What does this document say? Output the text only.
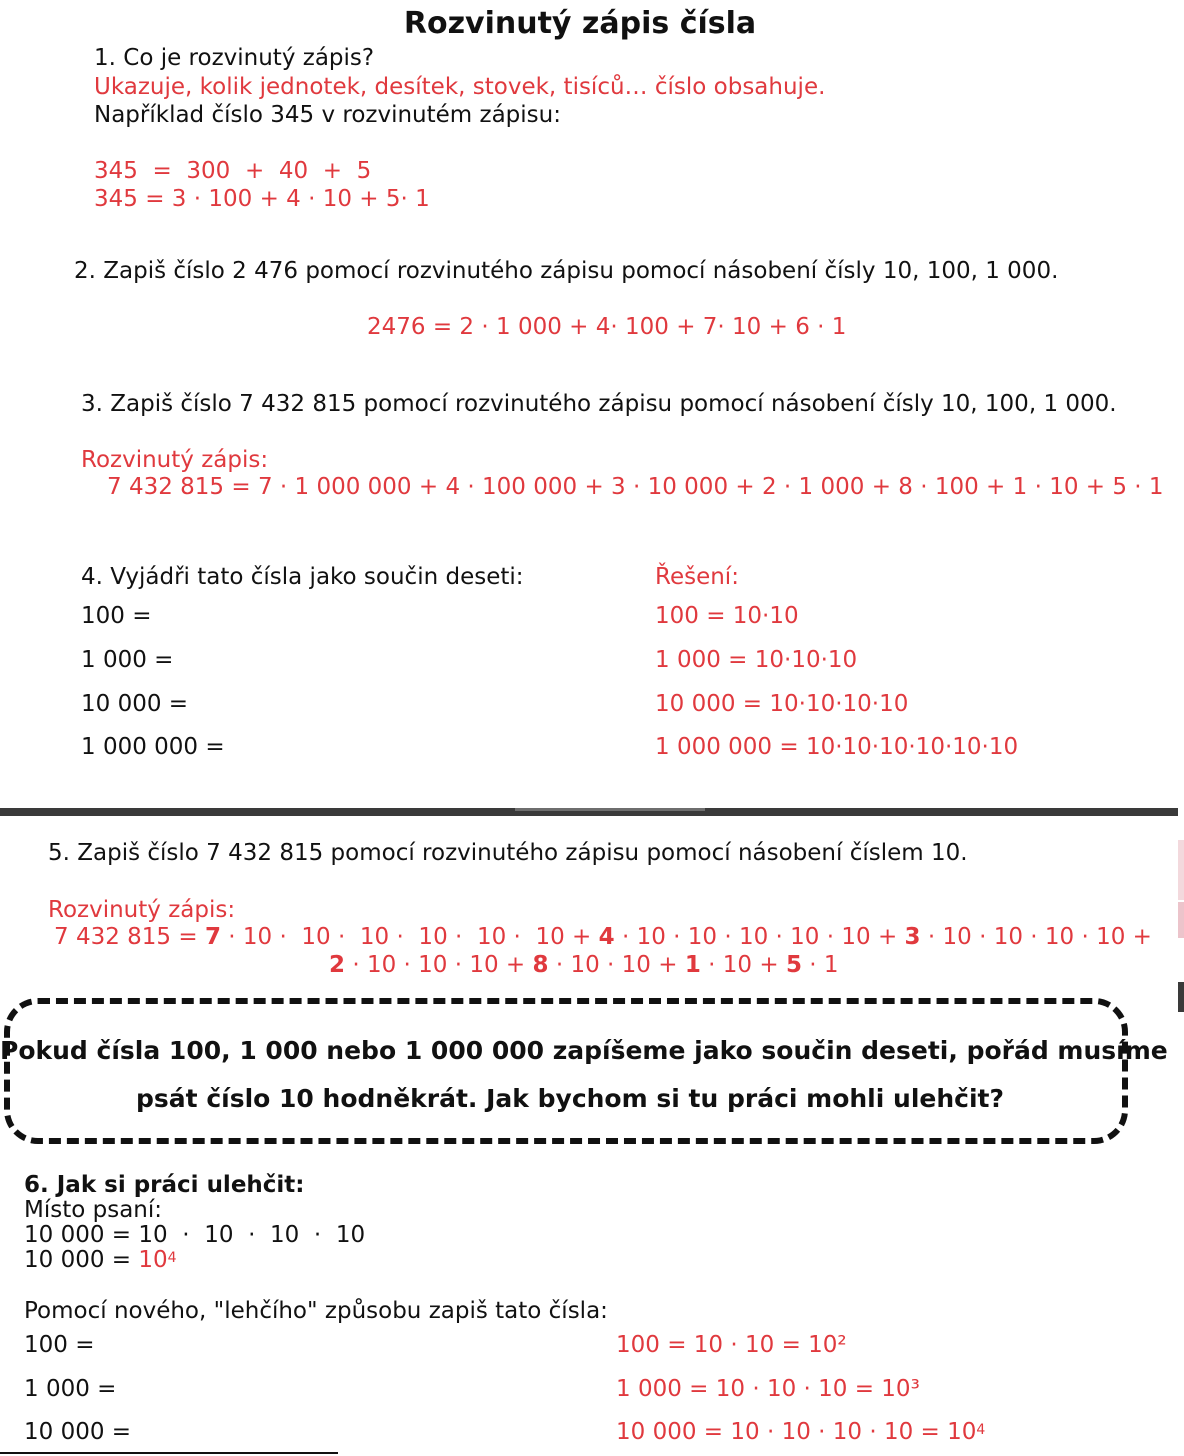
Rozvinutý zápis čísla
1. Co je rozvinutý zápis?
Ukazuje, kolik jednotek, desítek, stovek, tisíců… číslo obsahuje.
Například číslo 345 v rozvinutém zápisu:
345  =  300  +  40  +  5
345 = 3 · 100 + 4 · 10 + 5· 1
2. Zapiš číslo 2 476 pomocí rozvinutého zápisu pomocí násobení čísly 10, 100, 1 000.
2476 = 2 · 1 000 + 4· 100 + 7· 10 + 6 · 1
3. Zapiš číslo 7 432 815 pomocí rozvinutého zápisu pomocí násobení čísly 10, 100, 1 000.
Rozvinutý zápis:
7 432 815 = 7 · 1 000 000 + 4 · 100 000 + 3 · 10 000 + 2 · 1 000 + 8 · 100 + 1 · 10 + 5 · 1
4. Vyjádři tato čísla jako součin deseti:	Řešení:
100 =	100 = 10·10
1 000 =	1 000 = 10·10·10
10 000 =	10 000 = 10·10·10·10
1 000 000 =	1 000 000 = 10·10·10·10·10·10
5. Zapiš číslo 7 432 815 pomocí rozvinutého zápisu pomocí násobení číslem 10.
Rozvinutý zápis:
7 432 815 = 7 · 10 ·  10 ·  10 ·  10 ·  10 ·  10 + 4 · 10 · 10 · 10 · 10 · 10 + 3 · 10 · 10 · 10 · 10 +
2 · 10 · 10 · 10 + 8 · 10 · 10 + 1 · 10 + 5 · 1
Pokud čísla 100, 1 000 nebo 1 000 000 zapíšeme jako součin deseti, pořád musíme
psát číslo 10 hodněkrát. Jak bychom si tu práci mohli ulehčit?
6. Jak si práci ulehčit:
Místo psaní:
10 000 = 10  ·  10  ·  10  ·  10
10 $000 = 10^4$
Pomocí nového, "lehčího" způsobu zapiš tato čísla:
100 =	100 = 10 · 10 = 10²
1 000 =	1 000 = 10 · 10 · 10 = 10³
10 000 =	10 $000 = 10 \cdot 10 \cdot 10 \cdot 10 = 10^4$
